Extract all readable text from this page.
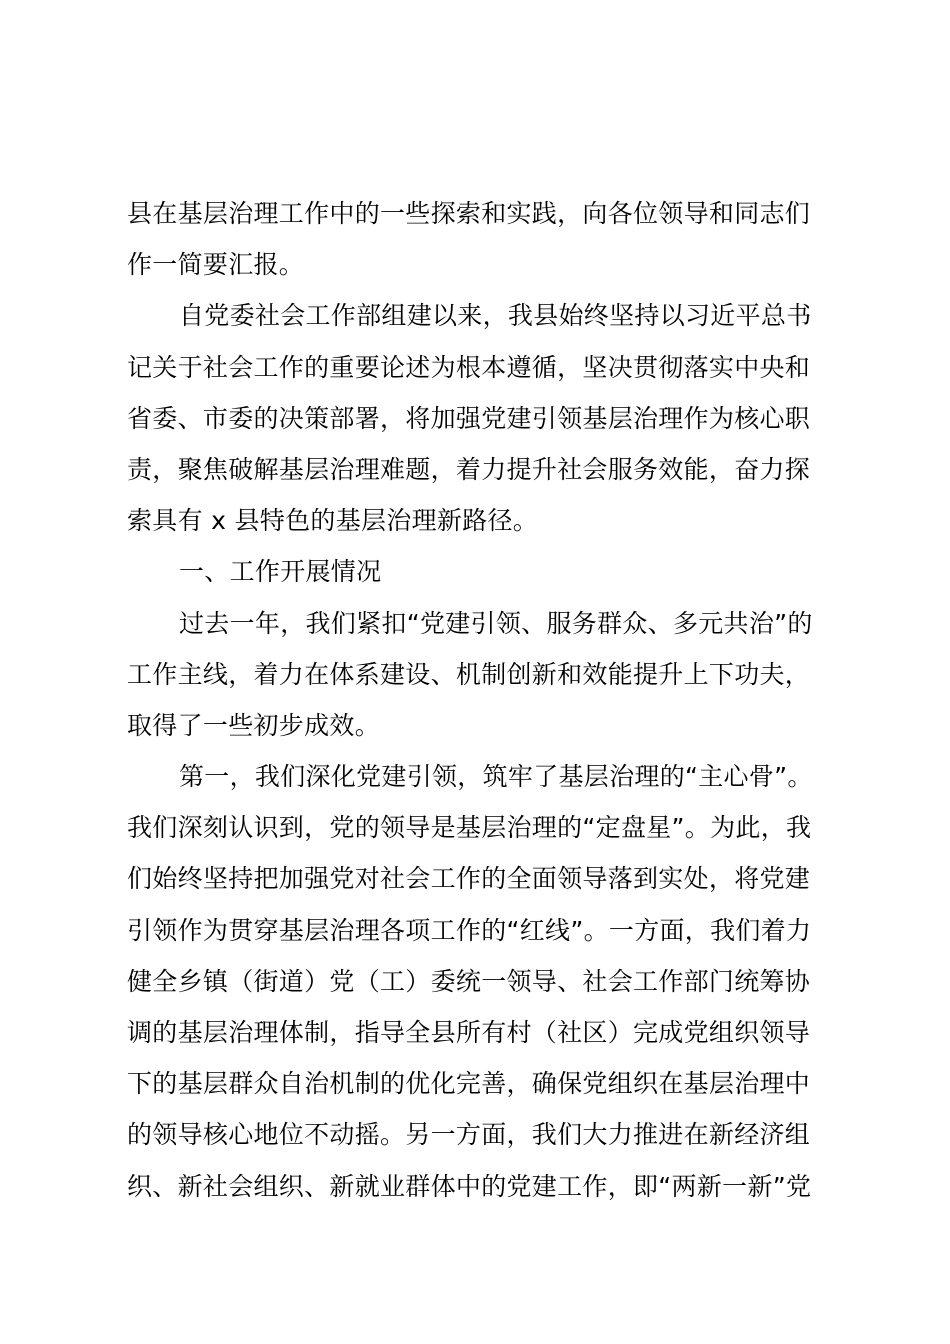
县在基层治理工作中的一些探索和实践，向各位领导和同志们
作一简要汇报。
自党委社会工作部组建以来，我县始终坚持以习近平总书
记关于社会工作的重要论述为根本遵循，坚决贯彻落实中央和
省委、市委的决策部署，将加强党建引领基层治理作为核心职
责，聚焦破解基层治理难题，着力提升社会服务效能，奋力探
索具有 x 县特色的基层治理新路径。
一、工作开展情况
过去一年，我们紧扣“党建引领、服务群众、多元共治”的
工作主线，着力在体系建设、机制创新和效能提升上下功夫，
取得了一些初步成效。
第一，我们深化党建引领，筑牢了基层治理的“主心骨”。
我们深刻认识到，党的领导是基层治理的“定盘星”。为此，我
们始终坚持把加强党对社会工作的全面领导落到实处，将党建
引领作为贯穿基层治理各项工作的“红线”。一方面，我们着力
健全乡镇（街道）党（工）委统一领导、社会工作部门统筹协
调的基层治理体制，指导全县所有村（社区）完成党组织领导
下的基层群众自治机制的优化完善，确保党组织在基层治理中
的领导核心地位不动摇。另一方面，我们大力推进在新经济组
织、新社会组织、新就业群体中的党建工作，即“两新一新”党
